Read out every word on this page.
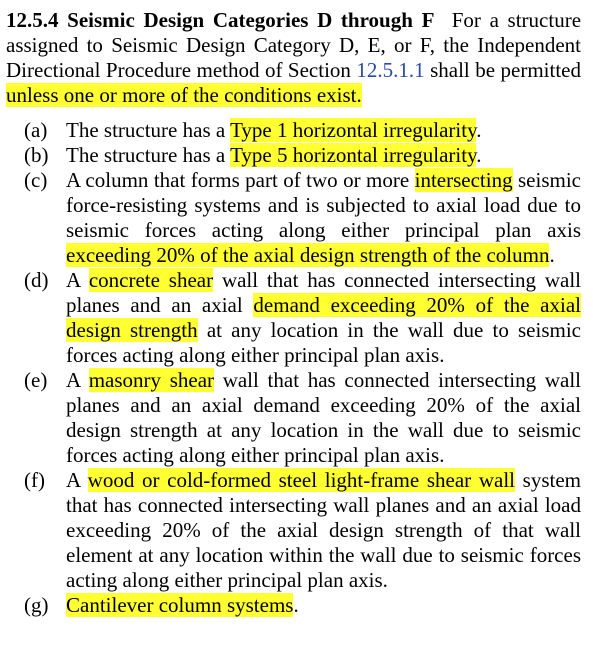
12.5.4 Seismic Design Categories D through F For a structure assigned to Seismic Design Category D, E, or F, the Independent Directional Procedure method of Section 12.5.1.1 shall be permitted unless one or more of the conditions exist.

(a) The structure has a Type 1 horizontal irregularity.
(b) The structure has a Type 5 horizontal irregularity.
(c) A column that forms part of two or more intersecting seismic force-resisting systems and is subjected to axial load due to seismic forces acting along either principal plan axis exceeding 20% of the axial design strength of the column.
(d) A concrete shear wall that has connected intersecting wall planes and an axial demand exceeding 20% of the axial design strength at any location in the wall due to seismic forces acting along either principal plan axis.
(e) A masonry shear wall that has connected intersecting wall planes and an axial demand exceeding 20% of the axial design strength at any location in the wall due to seismic forces acting along either principal plan axis.
(f) A wood or cold-formed steel light-frame shear wall system that has connected intersecting wall planes and an axial load exceeding 20% of the axial design strength of that wall element at any location within the wall due to seismic forces acting along either principal plan axis.
(g) Cantilever column systems.
